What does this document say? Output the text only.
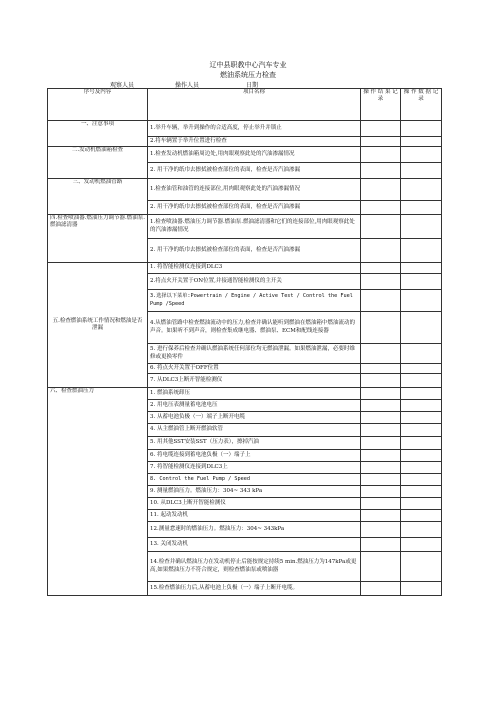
辽中县职教中心汽车专业
燃油系统压力检查
观察人员	操作人员	日期
序号及内容	项目名称	操 作 结 果 记录	操 作 数 据 记录
一、注意事项	1.举升车辆，举升到操作的合适高度，停止举升并锁止		
	2.将车辆置于举升位置进行检查		
二.发动机燃油箱检查	1.检查发动机燃油箱周边处,用肉眼观察此处的汽油渗漏情况		
	2. 用干净的纸巾去擦拭被检查部位的表面，检查是否汽油渗漏		
三、发动机燃油管路	1.检查油管和油管的连接部位,用肉眼观察此处的汽油渗漏情况		
	2. 用干净的纸巾去擦拭被检查部位的表面，检查是否汽油渗漏		
四.检查喷油器.燃油压力调节器.燃油泵.燃油滤清器	1.检查喷油器.燃油压力调节器.燃油泵.燃油滤清器和它们的连接部位,用肉眼观察此处的汽油渗漏情况		
	2. 用干净的纸巾去擦拭被检查部位的表面，检查是否汽油渗漏		
五.检查燃油系统工作情况和燃油是否泄漏	1. 将智能检测仪连接到DLC3		
	2.将点火开关置于ON位置,并接通智能检测仪的主开关		
	3.选择以下菜单:Powertrain / Engine / Active Test / Control the Fuel Pump /Speed		
	4.从燃油管路中检查燃油流动中的压力,检查并确认能听到燃油在燃油箱中燃油流动的声音。如果听不到声音，则检查集成继电器、燃油泵、ECM和配线连接器		
	5. 进行保养后检查并确认燃油系统任何部位均无燃油泄漏。如果燃油泄漏，必要时维修或更换零件		
	6. 将点火开关置于OFF位置		
	7. 从DLC3上断开智能检测仪		
六、检查燃油压力	1. 燃油系统卸压		
	2. 用电压表测量蓄电池电压		
	3. 从蓄电池负极（一）端子上断开电缆		
	4. 从主燃油管上断开燃油软管		
	5. 用其他SST安装SST（压力表），擦掉汽油		
	6. 将电缆连接到蓄电池负极（一）端子上		
	7. 将智能检测仪连接到DLC3上		
	8. Control the Fuel Pump / Speed		
	9. 测量燃油压力。燃油压力：304~ 343 kPa		
	10. 从DLC3上断开智能检测仪		
	11. 起动发动机		
	12.测量怠速时的燃油压力。燃油压力：304~ 343kPa		
	13. 关闭发动机		
	14.检查并确认燃油压力在发动机停止后能按规定持续5 min.燃油压力为147kPa或更高,如果燃油压力不符合规定，则检查燃油泵或喷油器		
	15.检查燃油压力后,从蓄电池上负极（一）端子上断开电缆。		
